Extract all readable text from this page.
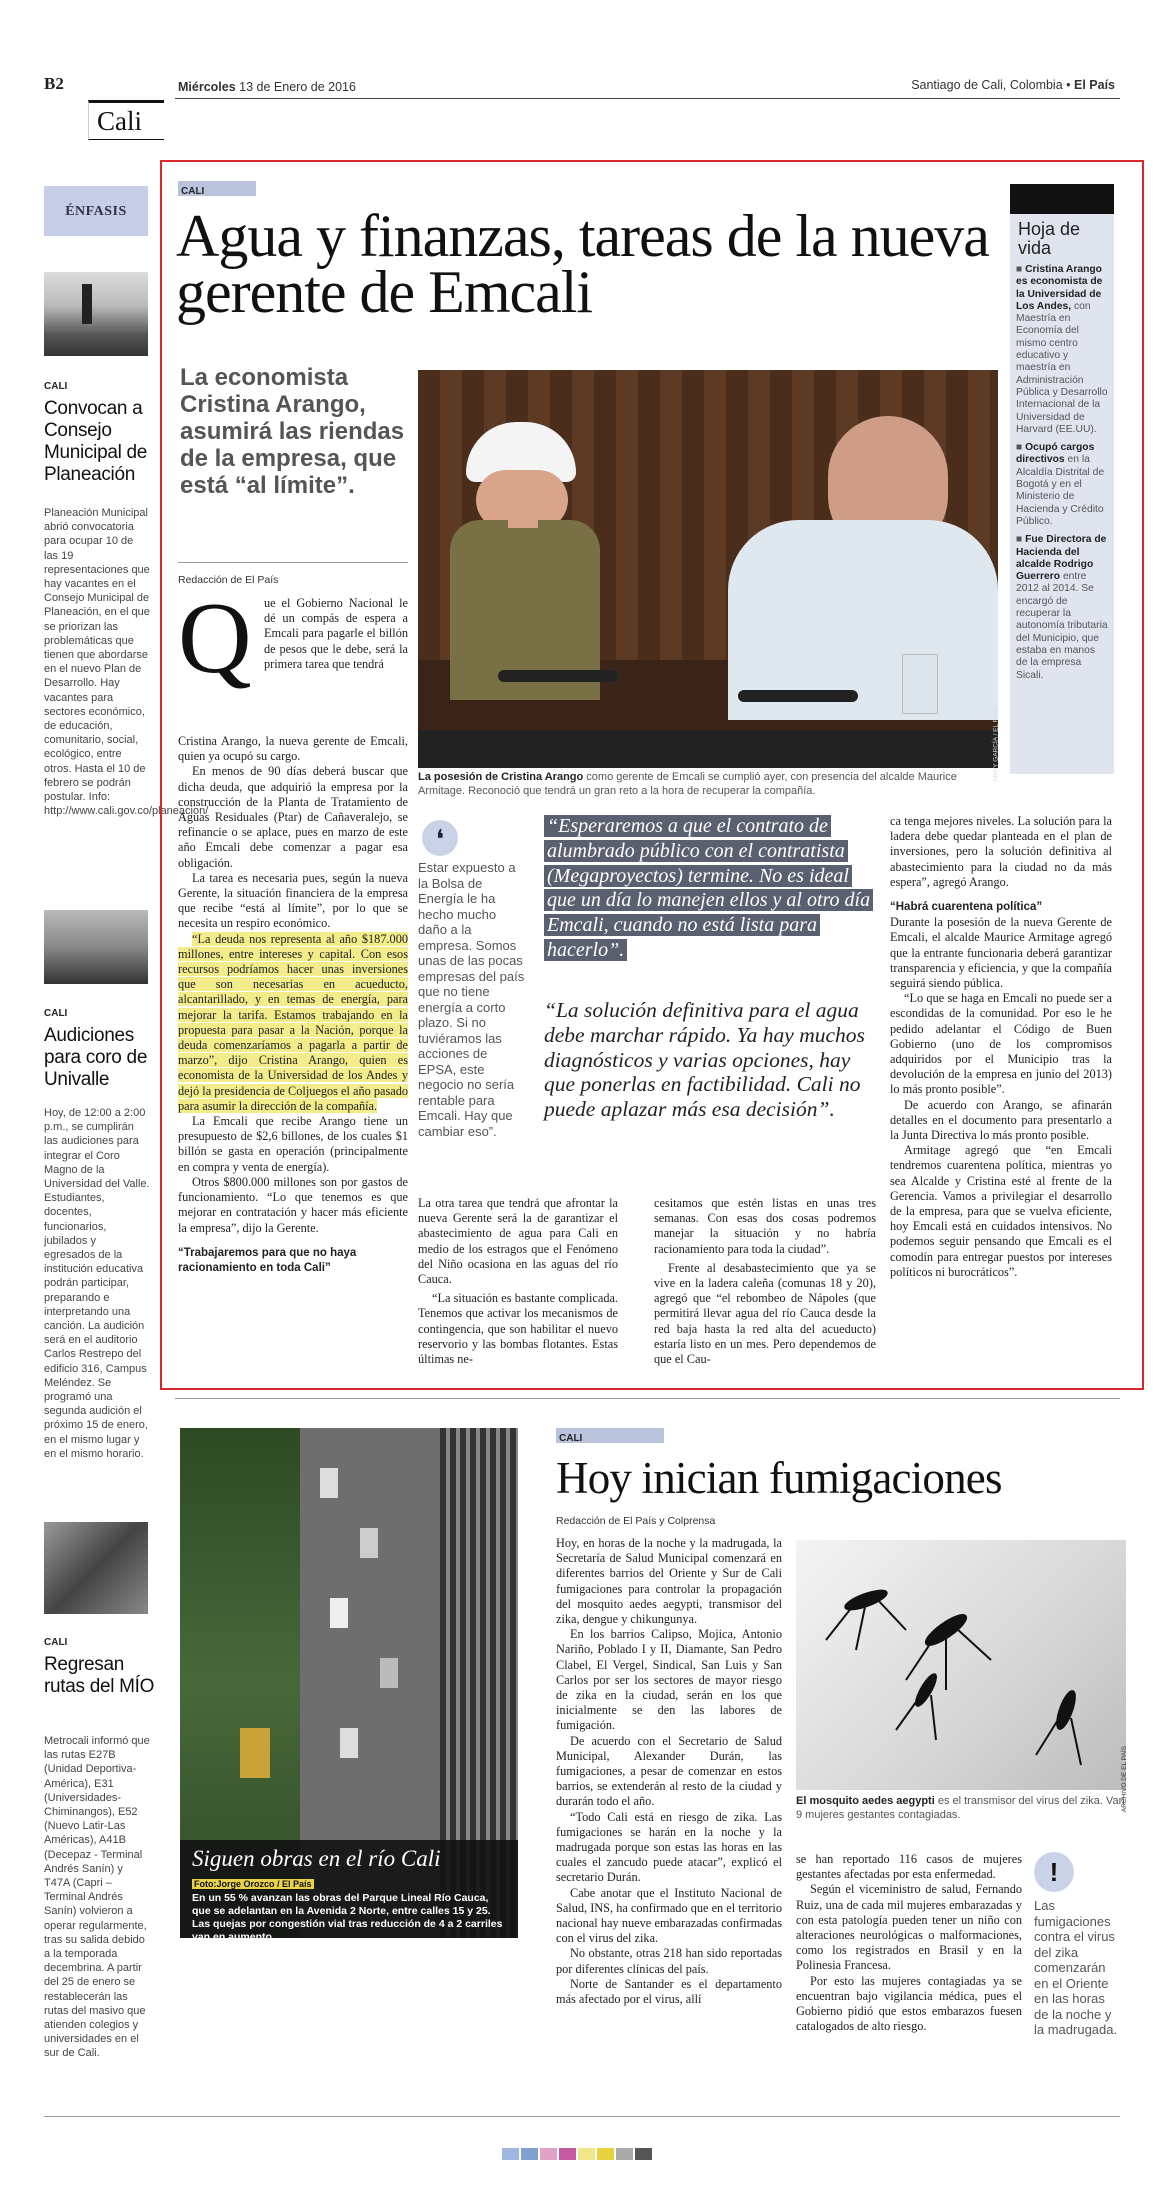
B2
Cali
Miércoles 13 de Enero de 2016	Santiago de Cali, Colombia • El País
ÉNFASIS
CALI
Convocan a Consejo Municipal de Planeación
Planeación Municipal abrió convocatoria para ocupar 10 de las 19 representaciones que hay vacantes en el Consejo Municipal de Planeación, en el que se priorizan las problemáticas que tienen que abordarse en el nuevo Plan de Desarrollo. Hay vacantes para sectores económico, de educación, comunitario, social, ecológico, entre otros. Hasta el 10 de febrero se podrán postular. Info: http://www.cali.gov.co/planeacion/
CALI
Audiciones para coro de Univalle
Hoy, de 12:00 a 2:00 p.m., se cumplirán las audiciones para integrar el Coro Magno de la Universidad del Valle. Estudiantes, docentes, funcionarios, jubilados y egresados de la institución educativa podrán participar, preparando e interpretando una canción. La audición será en el auditorio Carlos Restrepo del edificio 316, Campus Meléndez. Se programó una segunda audición el próximo 15 de enero, en el mismo lugar y en el mismo horario.
CALI
Regresan rutas del MÍO
Metrocali informó que las rutas E27B (Unidad Deportiva-América), E31 (Universidades-Chiminangos), E52 (Nuevo Latir-Las Américas), A41B (Decepaz - Terminal Andrés Sanín) y T47A (Capri – Terminal Andrés Sanín) volvieron a operar regularmente, tras su salida debido a la temporada decembrina. A partir del 25 de enero se restablecerán las rutas del masivo que atienden colegios y universidades en el sur de Cali.
CALI
Agua y finanzas, tareas de la nueva gerente de Emcali
La economista Cristina Arango, asumirá las riendas de la empresa, que está “al límite”.
Redacción de El País
ANDY GARCÍA / EL PAÍS
La posesión de Cristina Arango como gerente de Emcali se cumplió ayer, con presencia del alcalde Maurice Armitage. Reconoció que tendrá un gran reto a la hora de recuperar la compañía.
Q	ue el Gobierno Nacional le dé un compás de espera a Emcali para pagarle el billón de pesos que le debe, será la primera tarea que tendrá

Cristina Arango, la nueva gerente de Emcali, quien ya ocupó su cargo.

En menos de 90 días deberá buscar que dicha deuda, que adquirió la empresa por la construcción de la Planta de Tratamiento de Aguas Residuales (Ptar) de Cañaveralejo, se refinancie o se aplace, pues en marzo de este año Emcali debe comenzar a pagar esa obligación.

La tarea es necesaria pues, según la nueva Gerente, la situación financiera de la empresa que recibe “está al límite”, por lo que se necesita un respiro económico.

“La deuda nos representa al año $187.000 millones, entre intereses y capital. Con esos recursos podríamos hacer unas inversiones que son necesarias en acueducto, alcantarillado, y en temas de energía, para mejorar la tarifa. Estamos trabajando en la propuesta para pasar a la Nación, porque la deuda comenzaríamos a pagarla a partir de marzo”, dijo Cristina Arango, quien es economista de la Universidad de los Andes y dejó la presidencia de Coljuegos el año pasado para asumir la dirección de la compañía.

La Emcali que recibe Arango tiene un presupuesto de $2,6 billones, de los cuales $1 billón se gasta en operación (principalmente en compra y venta de energía).

Otros $800.000 millones son por gastos de funcionamiento. “Lo que tenemos es que mejorar en contratación y hacer más eficiente la empresa”, dijo la Gerente.

“Trabajaremos para que no haya racionamiento en toda Cali”

❛
Estar expuesto a la Bolsa de Energía le ha hecho mucho daño a la empresa. Somos unas de las pocas empresas del país que no tiene energía a corto plazo. Si no tuviéramos las acciones de EPSA, este negocio no sería rentable para Emcali. Hay que cambiar eso”.
“Esperaremos a que el contrato de alumbrado público con el contratista (Megaproyectos) termine. No es ideal que un día lo manejen ellos y al otro día Emcali, cuando no está lista para hacerlo”.
“La solución definitiva para el agua debe marchar rápido. Ya hay muchos diagnósticos y varias opciones, hay que ponerlas en factibilidad. Cali no puede aplazar más esa decisión”.

La otra tarea que tendrá que afrontar la nueva Gerente será la de garantizar el abastecimiento de agua para Cali en medio de los estragos que el Fenómeno del Niño ocasiona en las aguas del río Cauca.

“La situación es bastante complicada. Tenemos que activar los mecanismos de contingencia, que son habilitar el nuevo reservorio y las bombas flotantes. Estas últimas ne-

cesitamos que estén listas en unas tres semanas. Con esas dos cosas podremos manejar la situación y no habría racionamiento para toda la ciudad”.

Frente al desabastecimiento que ya se vive en la ladera caleña (comunas 18 y 20), agregó que “el rebombeo de Nápoles (que permitirá llevar agua del río Cauca desde la red baja hasta la red alta del acueducto) estaría listo en un mes. Pero dependemos de que el Cau-

ca tenga mejores niveles. La solución para la ladera debe quedar planteada en el plan de inversiones, pero la solución definitiva al abastecimiento para la ciudad no da más espera”, agregó Arango.

“Habrá cuarentena política”

Durante la posesión de la nueva Gerente de Emcali, el alcalde Maurice Armitage agregó que la entrante funcionaria deberá garantizar transparencia y eficiencia, y que la compañía seguirá siendo pública.

“Lo que se haga en Emcali no puede ser a escondidas de la comunidad. Por eso le he pedido adelantar el Código de Buen Gobierno (uno de los compromisos adquiridos por el Municipio tras la devolución de la empresa en junio del 2013) lo más pronto posible”.

De acuerdo con Arango, se afinarán detalles en el documento para presentarlo a la Junta Directiva lo más pronto posible.

Armitage agregó que “en Emcali tendremos cuarentena política, mientras yo sea Alcalde y Cristina esté al frente de la Gerencia. Vamos a privilegiar el desarrollo de la empresa, para que se vuelva eficiente, hoy Emcali está en cuidados intensivos. No podemos seguir pensando que Emcali es el comodín para entregar puestos por intereses políticos ni burocráticos”.

Hoja de vida

■ Cristina Arango es economista de la Universidad de Los Andes, con Maestría en Economía del mismo centro educativo y maestría en Administración Pública y Desarrollo Internacional de la Universidad de Harvard (EE.UU).

■ Ocupó cargos directivos en la Alcaldía Distrital de Bogotá y en el Ministerio de Hacienda y Crédito Público.

■ Fue Directora de Hacienda del alcalde Rodrigo Guerrero entre 2012 al 2014. Se encargó de recuperar la autonomía tributaria del Municipio, que estaba en manos de la empresa Sicali.

Siguen obras en el río Cali
Foto:Jorge Orozco / El País
En un 55 % avanzan las obras del Parque Lineal Río Cauca, que se adelantan en la Avenida 2 Norte, entre calles 15 y 25. Las quejas por congestión vial tras reducción de 4 a 2 carriles van en aumento.
CALI
Hoy inician fumigaciones
Redacción de El País y Colprensa

Hoy, en horas de la noche y la madrugada, la Secretaría de Salud Municipal comenzará en diferentes barrios del Oriente y Sur de Cali fumigaciones para controlar la propagación del mosquito aedes aegypti, transmisor del zika, dengue y chikungunya.

En los barrios Calipso, Mojica, Antonio Nariño, Poblado I y II, Diamante, San Pedro Clabel, El Vergel, Sindical, San Luis y San Carlos por ser los sectores de mayor riesgo de zika en la ciudad, serán en los que inicialmente se den las labores de fumigación.

De acuerdo con el Secretario de Salud Municipal, Alexander Durán, las fumigaciones, a pesar de comenzar en estos barrios, se extenderán al resto de la ciudad y durarán todo el año.

“Todo Cali está en riesgo de zika. Las fumigaciones se harán en la noche y la madrugada porque son estas las horas en las cuales el zancudo puede atacar”, explicó el secretario Durán.

Cabe anotar que el Instituto Nacional de Salud, INS, ha confirmado que en el territorio nacional hay nueve embarazadas confirmadas con el virus del zika.

No obstante, otras 218 han sido reportadas por diferentes clínicas del país.

Norte de Santander es el departamento más afectado por el virus, allí

ARCHIVO DE EL PAÍS
El mosquito aedes aegypti es el transmisor del virus del zika. Van 9 mujeres gestantes contagiadas.

se han reportado 116 casos de mujeres gestantes afectadas por esta enfermedad.

Según el viceministro de salud, Fernando Ruiz, una de cada mil mujeres embarazadas y con esta patología pueden tener un niño con alteraciones neurológicas o malformaciones, como los registrados en Brasil y en la Polinesia Francesa.

Por esto las mujeres contagiadas ya se encuentran bajo vigilancia médica, pues el Gobierno pidió que estos embarazos fuesen catalogados de alto riesgo.

!
Las fumigaciones contra el virus del zika comenzarán en el Oriente en las horas de la noche y la madrugada.
